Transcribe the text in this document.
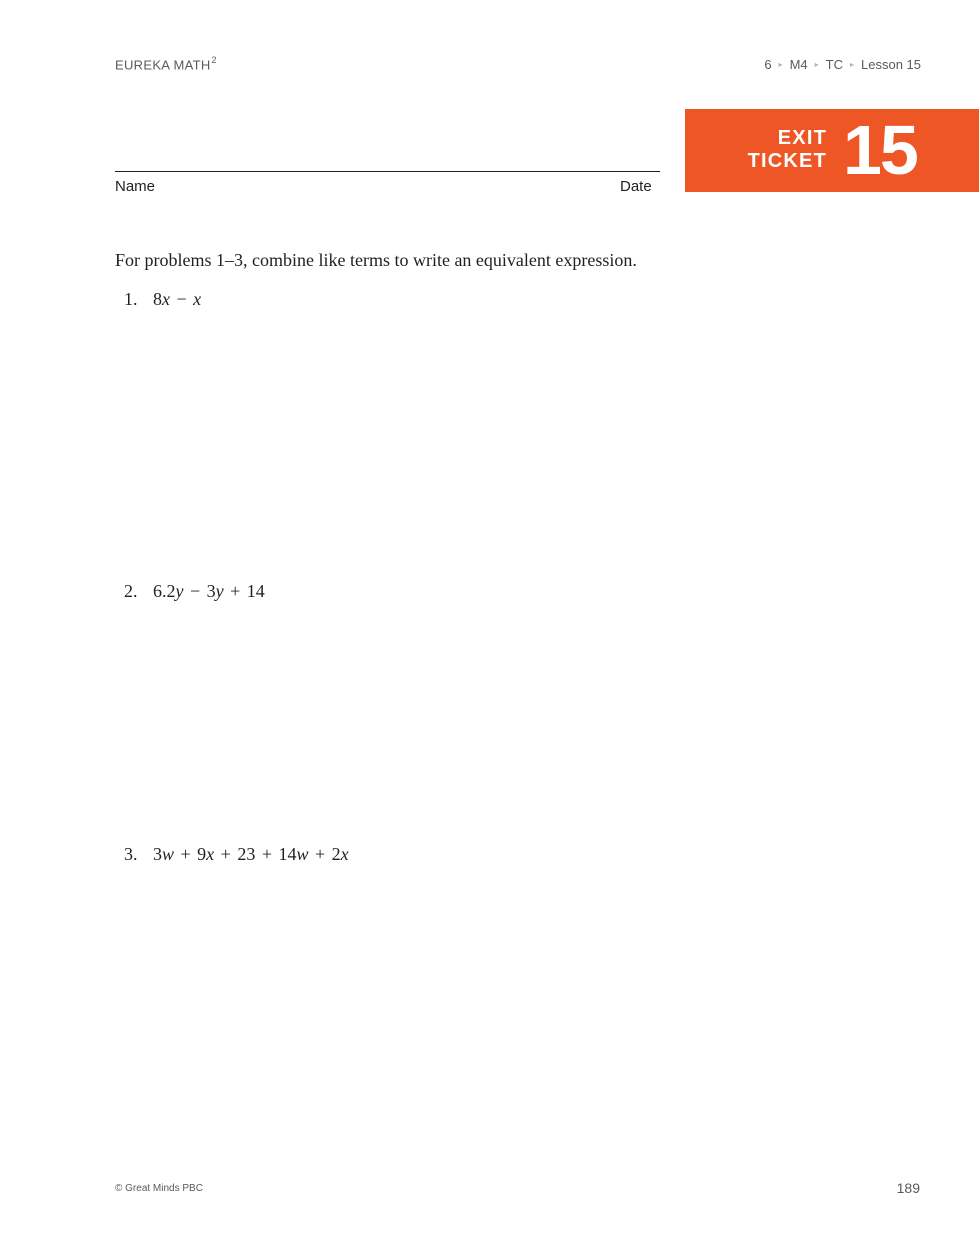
EUREKA MATH$^2$	6 ▸ M4 ▸ TC ▸ Lesson 15
Name	Date
EXIT
TICKET 15
For problems 1–3, combine like terms to write an equivalent expression.
1. 8x − x
2. 6.2y − 3y + 14
3. 3w + 9x + 23 + 14w + 2x
© Great Minds PBC	189
